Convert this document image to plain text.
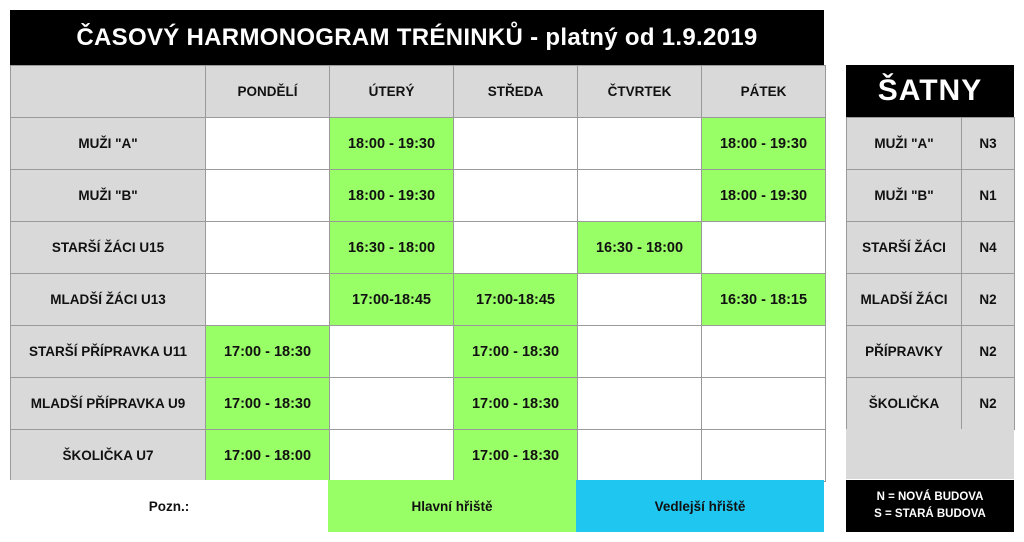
ČASOVÝ HARMONOGRAM TRÉNINKŮ - platný od 1.9.2019
	PONDĚLÍ	ÚTERÝ	STŘEDA	ČTVRTEK	PÁTEK
MUŽI "A"		18:00 - 19:30			18:00 - 19:30
MUŽI "B"		18:00 - 19:30			18:00 - 19:30
STARŠÍ ŽÁCI U15		16:30 - 18:00		16:30 - 18:00	
MLADŠÍ ŽÁCI U13		17:00-18:45	17:00-18:45		16:30 - 18:15
STARŠÍ PŘÍPRAVKA U11	17:00 - 18:30		17:00 - 18:30		
MLADŠÍ PŘÍPRAVKA U9	17:00 - 18:30		17:00 - 18:30		
ŠKOLIČKA U7	17:00 - 18:00		17:00 - 18:30		
Pozn.:	Hlavní hřiště	Vedlejší hřiště
ŠATNY
MUŽI "A"	N3
MUŽI "B"	N1
STARŠÍ ŽÁCI	N4
MLADŠÍ ŽÁCI	N2
PŘÍPRAVKY	N2
ŠKOLIČKA	N2
N = NOVÁ BUDOVA
S = STARÁ BUDOVA
